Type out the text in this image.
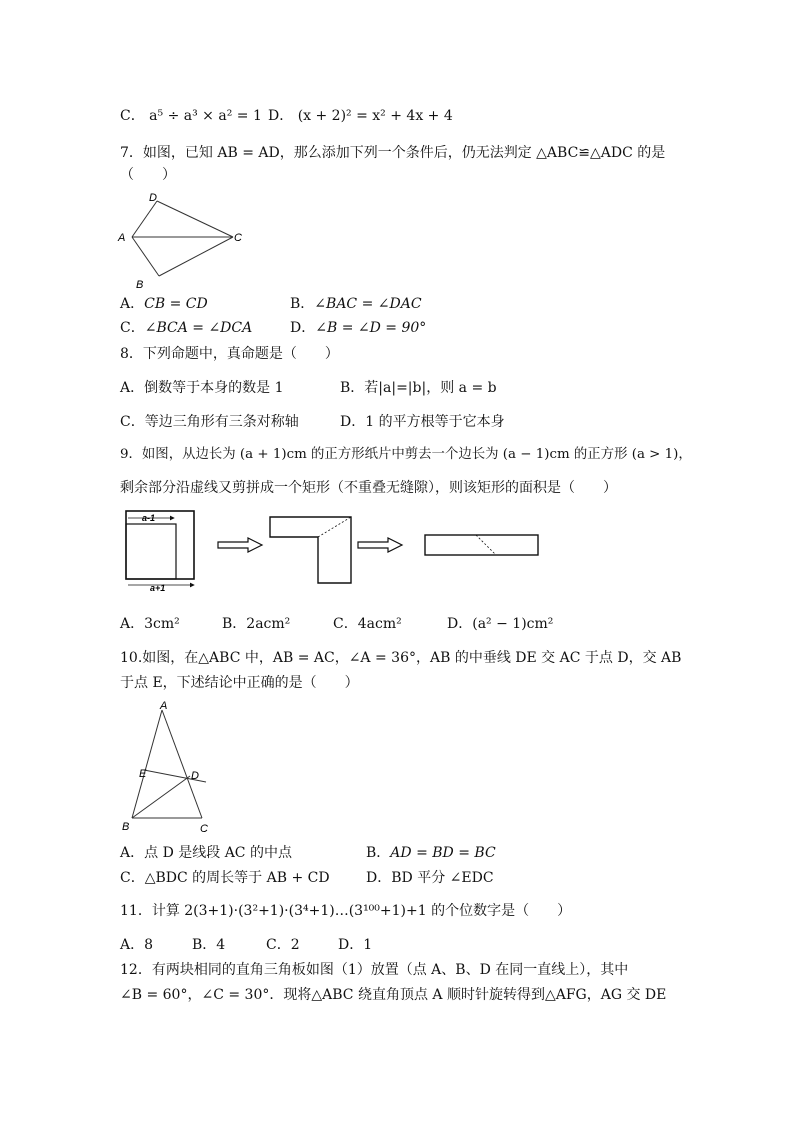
C． a⁵ ÷ a³ × a² = 1 D． (x + 2)² = x² + 4x + 4
7．如图，已知 AB = AD，那么添加下列一个条件后，仍无法判定 △ABC≌△ADC 的是
（　　）
D
A	C
B
A．CB = CD	B．∠BAC = ∠DAC
C．∠BCA = ∠DCA	D．∠B = ∠D = 90°
8．下列命题中，真命题是（　　）
A．倒数等于本身的数是 1	B．若|a|=|b|，则 a = b
C．等边三角形有三条对称轴	D．1 的平方根等于它本身
9．如图，从边长为 (a + 1)cm 的正方形纸片中剪去一个边长为 (a − 1)cm 的正方形 (a > 1)，
剩余部分沿虚线又剪拼成一个矩形（不重叠无缝隙），则该矩形的面积是（　　）
a-1
a+1
A．3cm²	B．2acm²	C．4acm²	D．(a² − 1)cm²
10.如图，在△ABC 中，AB = AC，∠A = 36°，AB 的中垂线 DE 交 AC 于点 D，交 AB
于点 E，下述结论中正确的是（　　）
A
E	D
B	C
A．点 D 是线段 AC 的中点	B．AD = BD = BC
C．△BDC 的周长等于 AB + CD	D．BD 平分 ∠EDC
11．计算 2(3+1)·(3²+1)·(3⁴+1)…(3¹⁰⁰+1)+1 的个位数字是（　　）
A．8	B．4	C．2	D．1
12．有两块相同的直角三角板如图（1）放置（点 A、B、D 在同一直线上），其中
∠B = 60°，∠C = 30°．现将△ABC 绕直角顶点 A 顺时针旋转得到△AFG，AG 交 DE
